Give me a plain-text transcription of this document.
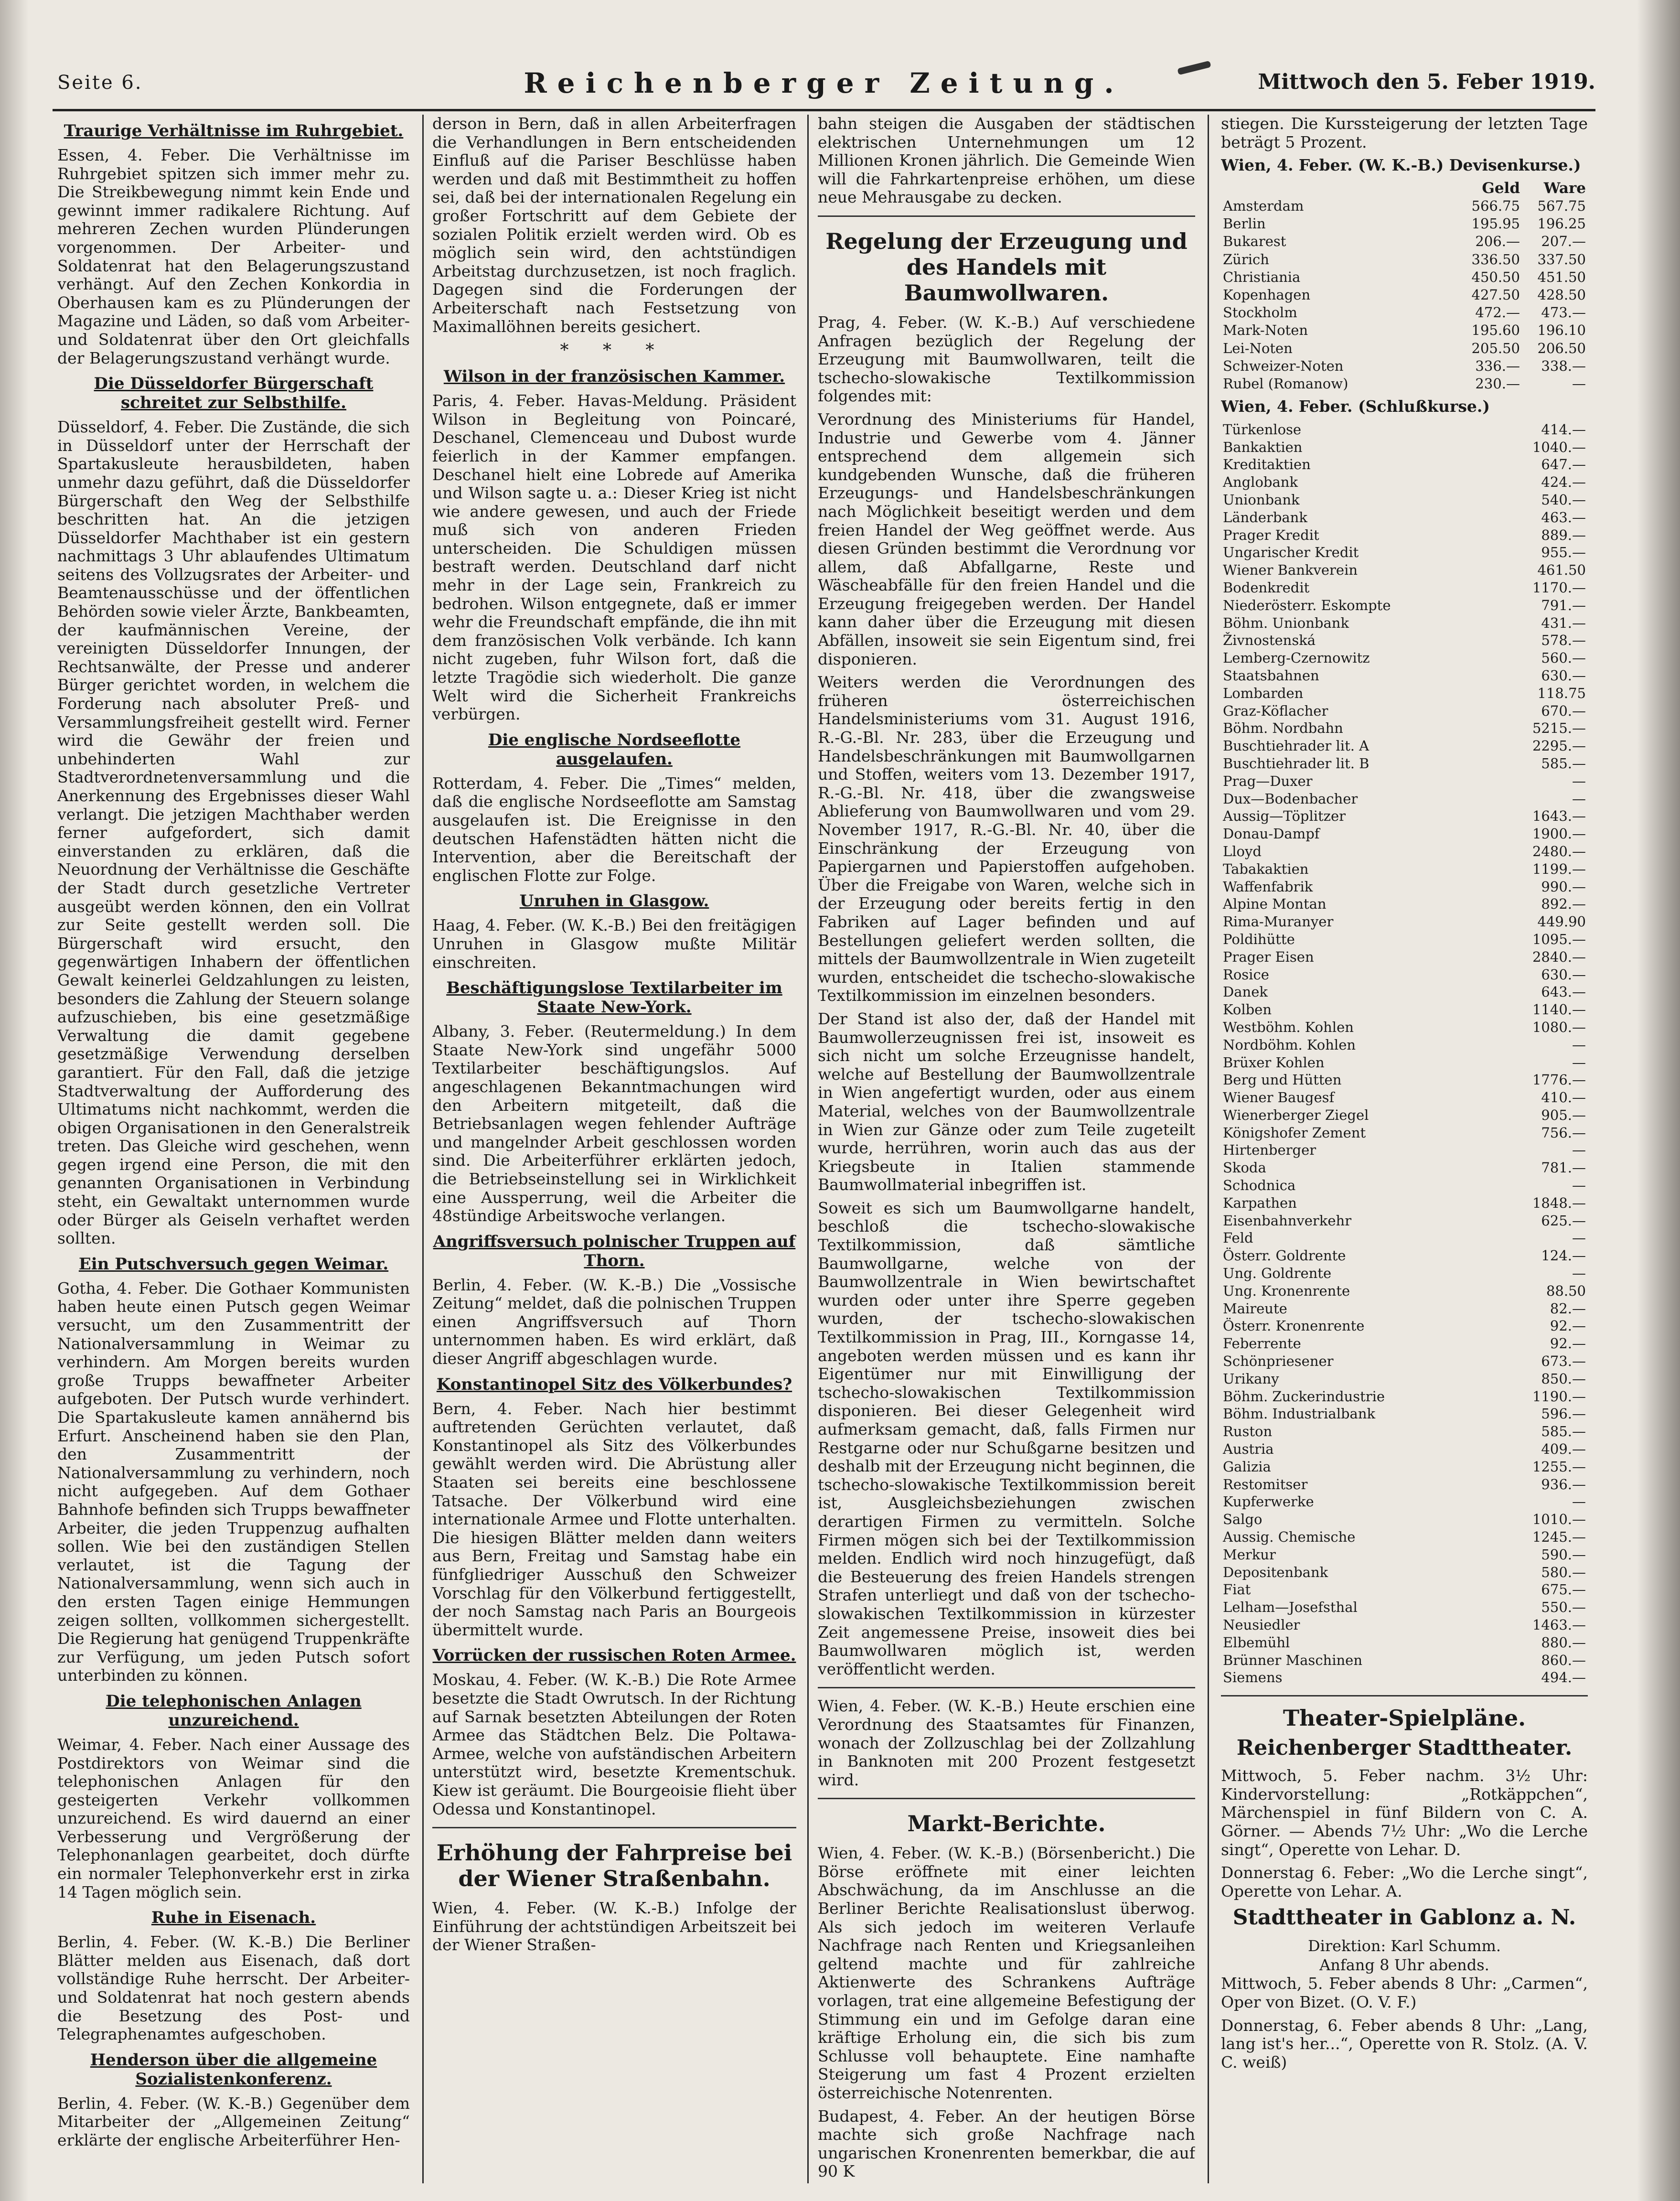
Seite 6.	Reichenberger Zeitung.	Mittwoch den 5. Feber 1919.
Traurige Verhältnisse im Ruhrgebiet.

Essen, 4. Feber. Die Verhältnisse im Ruhrgebiet spitzen sich immer mehr zu. Die Streikbewegung nimmt kein Ende und gewinnt immer radikalere Richtung. Auf mehreren Zechen wurden Plünderungen vorgenommen. Der Arbeiter- und Soldatenrat hat den Belagerungszustand verhängt. Auf den Zechen Konkordia in Oberhausen kam es zu Plünderungen der Magazine und Läden, so daß vom Arbeiter- und Soldatenrat über den Ort gleichfalls der Belagerungszustand verhängt wurde.

Die Düsseldorfer Bürgerschaft schreitet zur Selbsthilfe.

Düsseldorf, 4. Feber. Die Zustände, die sich in Düsseldorf unter der Herrschaft der Spartakusleute herausbildeten, haben unmehr dazu geführt, daß die Düsseldorfer Bürgerschaft den Weg der Selbsthilfe beschritten hat. An die jetzigen Düsseldorfer Machthaber ist ein gestern nachmittags 3 Uhr ablaufendes Ultimatum seitens des Vollzugsrates der Arbeiter- und Beamtenausschüsse und der öffentlichen Behörden sowie vieler Ärzte, Bankbeamten, der kaufmännischen Vereine, der vereinigten Düsseldorfer Innungen, der Rechtsanwälte, der Presse und anderer Bürger gerichtet worden, in welchem die Forderung nach absoluter Preß- und Versammlungsfreiheit gestellt wird. Ferner wird die Gewähr der freien und unbehinderten Wahl zur Stadtverordnetenversammlung und die Anerkennung des Ergebnisses dieser Wahl verlangt. Die jetzigen Machthaber werden ferner aufgefordert, sich damit einverstanden zu erklären, daß die Neuordnung der Verhältnisse die Geschäfte der Stadt durch gesetzliche Vertreter ausgeübt werden können, den ein Vollrat zur Seite gestellt werden soll. Die Bürgerschaft wird ersucht, den gegenwärtigen Inhabern der öffentlichen Gewalt keinerlei Geldzahlungen zu leisten, besonders die Zahlung der Steuern solange aufzuschieben, bis eine gesetzmäßige Verwaltung die damit gegebene gesetzmäßige Verwendung derselben garantiert. Für den Fall, daß die jetzige Stadtverwaltung der Aufforderung des Ultimatums nicht nachkommt, werden die obigen Organisationen in den Generalstreik treten. Das Gleiche wird geschehen, wenn gegen irgend eine Person, die mit den genannten Organisationen in Verbindung steht, ein Gewaltakt unternommen wurde oder Bürger als Geiseln verhaftet werden sollten.

Ein Putschversuch gegen Weimar.

Gotha, 4. Feber. Die Gothaer Kommunisten haben heute einen Putsch gegen Weimar versucht, um den Zusammentritt der Nationalversammlung in Weimar zu verhindern. Am Morgen bereits wurden große Trupps bewaffneter Arbeiter aufgeboten. Der Putsch wurde verhindert. Die Spartakusleute kamen annähernd bis Erfurt. Anscheinend haben sie den Plan, den Zusammentritt der Nationalversammlung zu verhindern, noch nicht aufgegeben. Auf dem Gothaer Bahnhofe befinden sich Trupps bewaffneter Arbeiter, die jeden Truppenzug aufhalten sollen. Wie bei den zuständigen Stellen verlautet, ist die Tagung der Nationalversammlung, wenn sich auch in den ersten Tagen einige Hemmungen zeigen sollten, vollkommen sichergestellt. Die Regierung hat genügend Truppenkräfte zur Verfügung, um jeden Putsch sofort unterbinden zu können.

Die telephonischen Anlagen unzureichend.

Weimar, 4. Feber. Nach einer Aussage des Postdirektors von Weimar sind die telephonischen Anlagen für den gesteigerten Verkehr vollkommen unzureichend. Es wird dauernd an einer Verbesserung und Vergrößerung der Telephonanlagen gearbeitet, doch dürfte ein normaler Telephonverkehr erst in zirka 14 Tagen möglich sein.

Ruhe in Eisenach.

Berlin, 4. Feber. (W. K.-B.) Die Berliner Blätter melden aus Eisenach, daß dort vollständige Ruhe herrscht. Der Arbeiter- und Soldatenrat hat noch gestern abends die Besetzung des Post- und Telegraphenamtes aufgeschoben.

Henderson über die allgemeine Sozialistenkonferenz.

Berlin, 4. Feber. (W. K.-B.) Gegenüber dem Mitarbeiter der „Allgemeinen Zeitung“ erklärte der englische Arbeiterführer Hen-

derson in Bern, daß in allen Arbeiterfragen die Verhandlungen in Bern entscheidenden Einfluß auf die Pariser Beschlüsse haben werden und daß mit Bestimmtheit zu hoffen sei, daß bei der internationalen Regelung ein großer Fortschritt auf dem Gebiete der sozialen Politik erzielt werden wird. Ob es möglich sein wird, den achtstündigen Arbeitstag durchzusetzen, ist noch fraglich. Dagegen sind die Forderungen der Arbeiterschaft nach Festsetzung von Maximallöhnen bereits gesichert.

* * *
Wilson in der französischen Kammer.

Paris, 4. Feber. Havas-Meldung. Präsident Wilson in Begleitung von Poincaré, Deschanel, Clemenceau und Dubost wurde feierlich in der Kammer empfangen. Deschanel hielt eine Lobrede auf Amerika und Wilson sagte u. a.: Dieser Krieg ist nicht wie andere gewesen, und auch der Friede muß sich von anderen Frieden unterscheiden. Die Schuldigen müssen bestraft werden. Deutschland darf nicht mehr in der Lage sein, Frankreich zu bedrohen. Wilson entgegnete, daß er immer wehr die Freundschaft empfände, die ihn mit dem französischen Volk verbände. Ich kann nicht zugeben, fuhr Wilson fort, daß die letzte Tragödie sich wiederholt. Die ganze Welt wird die Sicherheit Frankreichs verbürgen.

Die englische Nordseeflotte ausgelaufen.

Rotterdam, 4. Feber. Die „Times“ melden, daß die englische Nordseeflotte am Samstag ausgelaufen ist. Die Ereignisse in den deutschen Hafenstädten hätten nicht die Intervention, aber die Bereitschaft der englischen Flotte zur Folge.

Unruhen in Glasgow.

Haag, 4. Feber. (W. K.-B.) Bei den freitägigen Unruhen in Glasgow mußte Militär einschreiten.

Beschäftigungslose Textilarbeiter im Staate New-York.

Albany, 3. Feber. (Reutermeldung.) In dem Staate New-York sind ungefähr 5000 Textilarbeiter beschäftigungslos. Auf angeschlagenen Bekanntmachungen wird den Arbeitern mitgeteilt, daß die Betriebsanlagen wegen fehlender Aufträge und mangelnder Arbeit geschlossen worden sind. Die Arbeiterführer erklärten jedoch, die Betriebseinstellung sei in Wirklichkeit eine Aussperrung, weil die Arbeiter die 48stündige Arbeitswoche verlangen.

Angriffsversuch polnischer Truppen auf Thorn.

Berlin, 4. Feber. (W. K.-B.) Die „Vossische Zeitung“ meldet, daß die polnischen Truppen einen Angriffsversuch auf Thorn unternommen haben. Es wird erklärt, daß dieser Angriff abgeschlagen wurde.

Konstantinopel Sitz des Völkerbundes?

Bern, 4. Feber. Nach hier bestimmt auftretenden Gerüchten verlautet, daß Konstantinopel als Sitz des Völkerbundes gewählt werden wird. Die Abrüstung aller Staaten sei bereits eine beschlossene Tatsache. Der Völkerbund wird eine internationale Armee und Flotte unterhalten. Die hiesigen Blätter melden dann weiters aus Bern, Freitag und Samstag habe ein fünfgliedriger Ausschuß den Schweizer Vorschlag für den Völkerbund fertiggestellt, der noch Samstag nach Paris an Bourgeois übermittelt wurde.

Vorrücken der russischen Roten Armee.

Moskau, 4. Feber. (W. K.-B.) Die Rote Armee besetzte die Stadt Owrutsch. In der Richtung auf Sarnak besetzten Abteilungen der Roten Armee das Städtchen Belz. Die Poltawa-Armee, welche von aufständischen Arbeitern unterstützt wird, besetzte Krementschuk. Kiew ist geräumt. Die Bourgeoisie flieht über Odessa und Konstantinopel.

Erhöhung der Fahrpreise bei der Wiener Straßenbahn.

Wien, 4. Feber. (W. K.-B.) Infolge der Einführung der achtstündigen Arbeitszeit bei der Wiener Straßen-

bahn steigen die Ausgaben der städtischen elektrischen Unternehmungen um 12 Millionen Kronen jährlich. Die Gemeinde Wien will die Fahrkartenpreise erhöhen, um diese neue Mehrausgabe zu decken.

Regelung der Erzeugung und des Handels mit Baumwollwaren.

Prag, 4. Feber. (W. K.-B.) Auf verschiedene Anfragen bezüglich der Regelung der Erzeugung mit Baumwollwaren, teilt die tschecho-slowakische Textilkommission folgendes mit:

Verordnung des Ministeriums für Handel, Industrie und Gewerbe vom 4. Jänner entsprechend dem allgemein sich kundgebenden Wunsche, daß die früheren Erzeugungs- und Handelsbeschränkungen nach Möglichkeit beseitigt werden und dem freien Handel der Weg geöffnet werde. Aus diesen Gründen bestimmt die Verordnung vor allem, daß Abfallgarne, Reste und Wäscheabfälle für den freien Handel und die Erzeugung freigegeben werden. Der Handel kann daher über die Erzeugung mit diesen Abfällen, insoweit sie sein Eigentum sind, frei disponieren.

Weiters werden die Verordnungen des früheren österreichischen Handelsministeriums vom 31. August 1916, R.-G.-Bl. Nr. 283, über die Erzeugung und Handelsbeschränkungen mit Baumwollgarnen und Stoffen, weiters vom 13. Dezember 1917, R.-G.-Bl. Nr. 418, über die zwangsweise Ablieferung von Baumwollwaren und vom 29. November 1917, R.-G.-Bl. Nr. 40, über die Einschränkung der Erzeugung von Papiergarnen und Papierstoffen aufgehoben. Über die Freigabe von Waren, welche sich in der Erzeugung oder bereits fertig in den Fabriken auf Lager befinden und auf Bestellungen geliefert werden sollten, die mittels der Baumwollzentrale in Wien zugeteilt wurden, entscheidet die tschecho-slowakische Textilkommission im einzelnen besonders.

Der Stand ist also der, daß der Handel mit Baumwollerzeugnissen frei ist, insoweit es sich nicht um solche Erzeugnisse handelt, welche auf Bestellung der Baumwollzentrale in Wien angefertigt wurden, oder aus einem Material, welches von der Baumwollzentrale in Wien zur Gänze oder zum Teile zugeteilt wurde, herrühren, worin auch das aus der Kriegsbeute in Italien stammende Baumwollmaterial inbegriffen ist.

Soweit es sich um Baumwollgarne handelt, beschloß die tschecho-slowakische Textilkommission, daß sämtliche Baumwollgarne, welche von der Baumwollzentrale in Wien bewirtschaftet wurden oder unter ihre Sperre gegeben wurden, der tschecho-slowakischen Textilkommission in Prag, III., Korngasse 14, angeboten werden müssen und es kann ihr Eigentümer nur mit Einwilligung der tschecho-slowakischen Textilkommission disponieren. Bei dieser Gelegenheit wird aufmerksam gemacht, daß, falls Firmen nur Restgarne oder nur Schußgarne besitzen und deshalb mit der Erzeugung nicht beginnen, die tschecho-slowakische Textilkommission bereit ist, Ausgleichsbeziehungen zwischen derartigen Firmen zu vermitteln. Solche Firmen mögen sich bei der Textilkommission melden. Endlich wird noch hinzugefügt, daß die Besteuerung des freien Handels strengen Strafen unterliegt und daß von der tschecho-slowakischen Textilkommission in kürzester Zeit angemessene Preise, insoweit dies bei Baumwollwaren möglich ist, werden veröffentlicht werden.

Wien, 4. Feber. (W. K.-B.) Heute erschien eine Verordnung des Staatsamtes für Finanzen, wonach der Zollzuschlag bei der Zollzahlung in Banknoten mit 200 Prozent festgesetzt wird.

Markt-Berichte.

Wien, 4. Feber. (W. K.-B.) (Börsenbericht.) Die Börse eröffnete mit einer leichten Abschwächung, da im Anschlusse an die Berliner Berichte Realisationslust überwog. Als sich jedoch im weiteren Verlaufe Nachfrage nach Renten und Kriegsanleihen geltend machte und für zahlreiche Aktienwerte des Schrankens Aufträge vorlagen, trat eine allgemeine Befestigung der Stimmung ein und im Gefolge daran eine kräftige Erholung ein, die sich bis zum Schlusse voll behauptete. Eine namhafte Steigerung um fast 4 Prozent erzielten österreichische Notenrenten.

Budapest, 4. Feber. An der heutigen Börse machte sich große Nachfrage nach ungarischen Kronenrenten bemerkbar, die auf 90 K

stiegen. Die Kurssteigerung der letzten Tage beträgt 5 Prozent.

Wien, 4. Feber. (W. K.-B.) Devisenkurse.)

	Geld	Ware
Amsterdam	566.75	567.75
Berlin	195.95	196.25
Bukarest	206.—	207.—
Zürich	336.50	337.50
Christiania	450.50	451.50
Kopenhagen	427.50	428.50
Stockholm	472.—	473.—
Mark-Noten	195.60	196.10
Lei-Noten	205.50	206.50
Schweizer-Noten	336.—	338.—
Rubel (Romanow)	230.—	—

Wien, 4. Feber. (Schlußkurse.)

Türkenlose	414.—
Bankaktien	1040.—
Kreditaktien	647.—
Anglobank	424.—
Unionbank	540.—
Länderbank	463.—
Prager Kredit	889.—
Ungarischer Kredit	955.—
Wiener Bankverein	461.50
Bodenkredit	1170.—
Niederösterr. Eskompte	791.—
Böhm. Unionbank	431.—
Živnostenská	578.—
Lemberg-Czernowitz	560.—
Staatsbahnen	630.—
Lombarden	118.75
Graz-Köflacher	670.—
Böhm. Nordbahn	5215.—
Buschtiehrader lit. A	2295.—
Buschtiehrader lit. B	585.—
Prag—Duxer	—
Dux—Bodenbacher	—
Aussig—Töplitzer	1643.—
Donau-Dampf	1900.—
Lloyd	2480.—
Tabakaktien	1199.—
Waffenfabrik	990.—
Alpine Montan	892.—
Rima-Muranyer	449.90
Poldihütte	1095.—
Prager Eisen	2840.—
Rosice	630.—
Danek	643.—
Kolben	1140.—
Westböhm. Kohlen	1080.—
Nordböhm. Kohlen	—
Brüxer Kohlen	—
Berg und Hütten	1776.—
Wiener Baugesf	410.—
Wienerberger Ziegel	905.—
Königshofer Zement	756.—
Hirtenberger	—
Skoda	781.—
Schodnica	—
Karpathen	1848.—
Eisenbahnverkehr	625.—
Feld	—
Österr. Goldrente	124.—
Ung. Goldrente	—
Ung. Kronenrente	88.50
Maireute	82.—
Österr. Kronenrente	92.—
Feberrente	92.—
Schönpriesener	673.—
Urikany	850.—
Böhm. Zuckerindustrie	1190.—
Böhm. Industrialbank	596.—
Ruston	585.—
Austria	409.—
Galizia	1255.—
Restomitser	936.—
Kupferwerke	—
Salgo	1010.—
Aussig. Chemische	1245.—
Merkur	590.—
Depositenbank	580.—
Fiat	675.—
Lelham—Josefsthal	550.—
Neusiedler	1463.—
Elbemühl	880.—
Brünner Maschinen	860.—
Siemens	494.—
Theater-Spielpläne.
Reichenberger Stadttheater.

Mittwoch, 5. Feber nachm. 3½ Uhr: Kindervorstellung: „Rotkäppchen“, Märchenspiel in fünf Bildern von C. A. Görner. — Abends 7½ Uhr: „Wo die Lerche singt“, Operette von Lehar. D.

Donnerstag 6. Feber: „Wo die Lerche singt“, Operette von Lehar. A.

Stadttheater in Gablonz a. N.
Direktion: Karl Schumm.
Anfang 8 Uhr abends.

Mittwoch, 5. Feber abends 8 Uhr: „Carmen“, Oper von Bizet. (O. V. F.)

Donnerstag, 6. Feber abends 8 Uhr: „Lang, lang ist's her...“, Operette von R. Stolz. (A. V. C. weiß)
